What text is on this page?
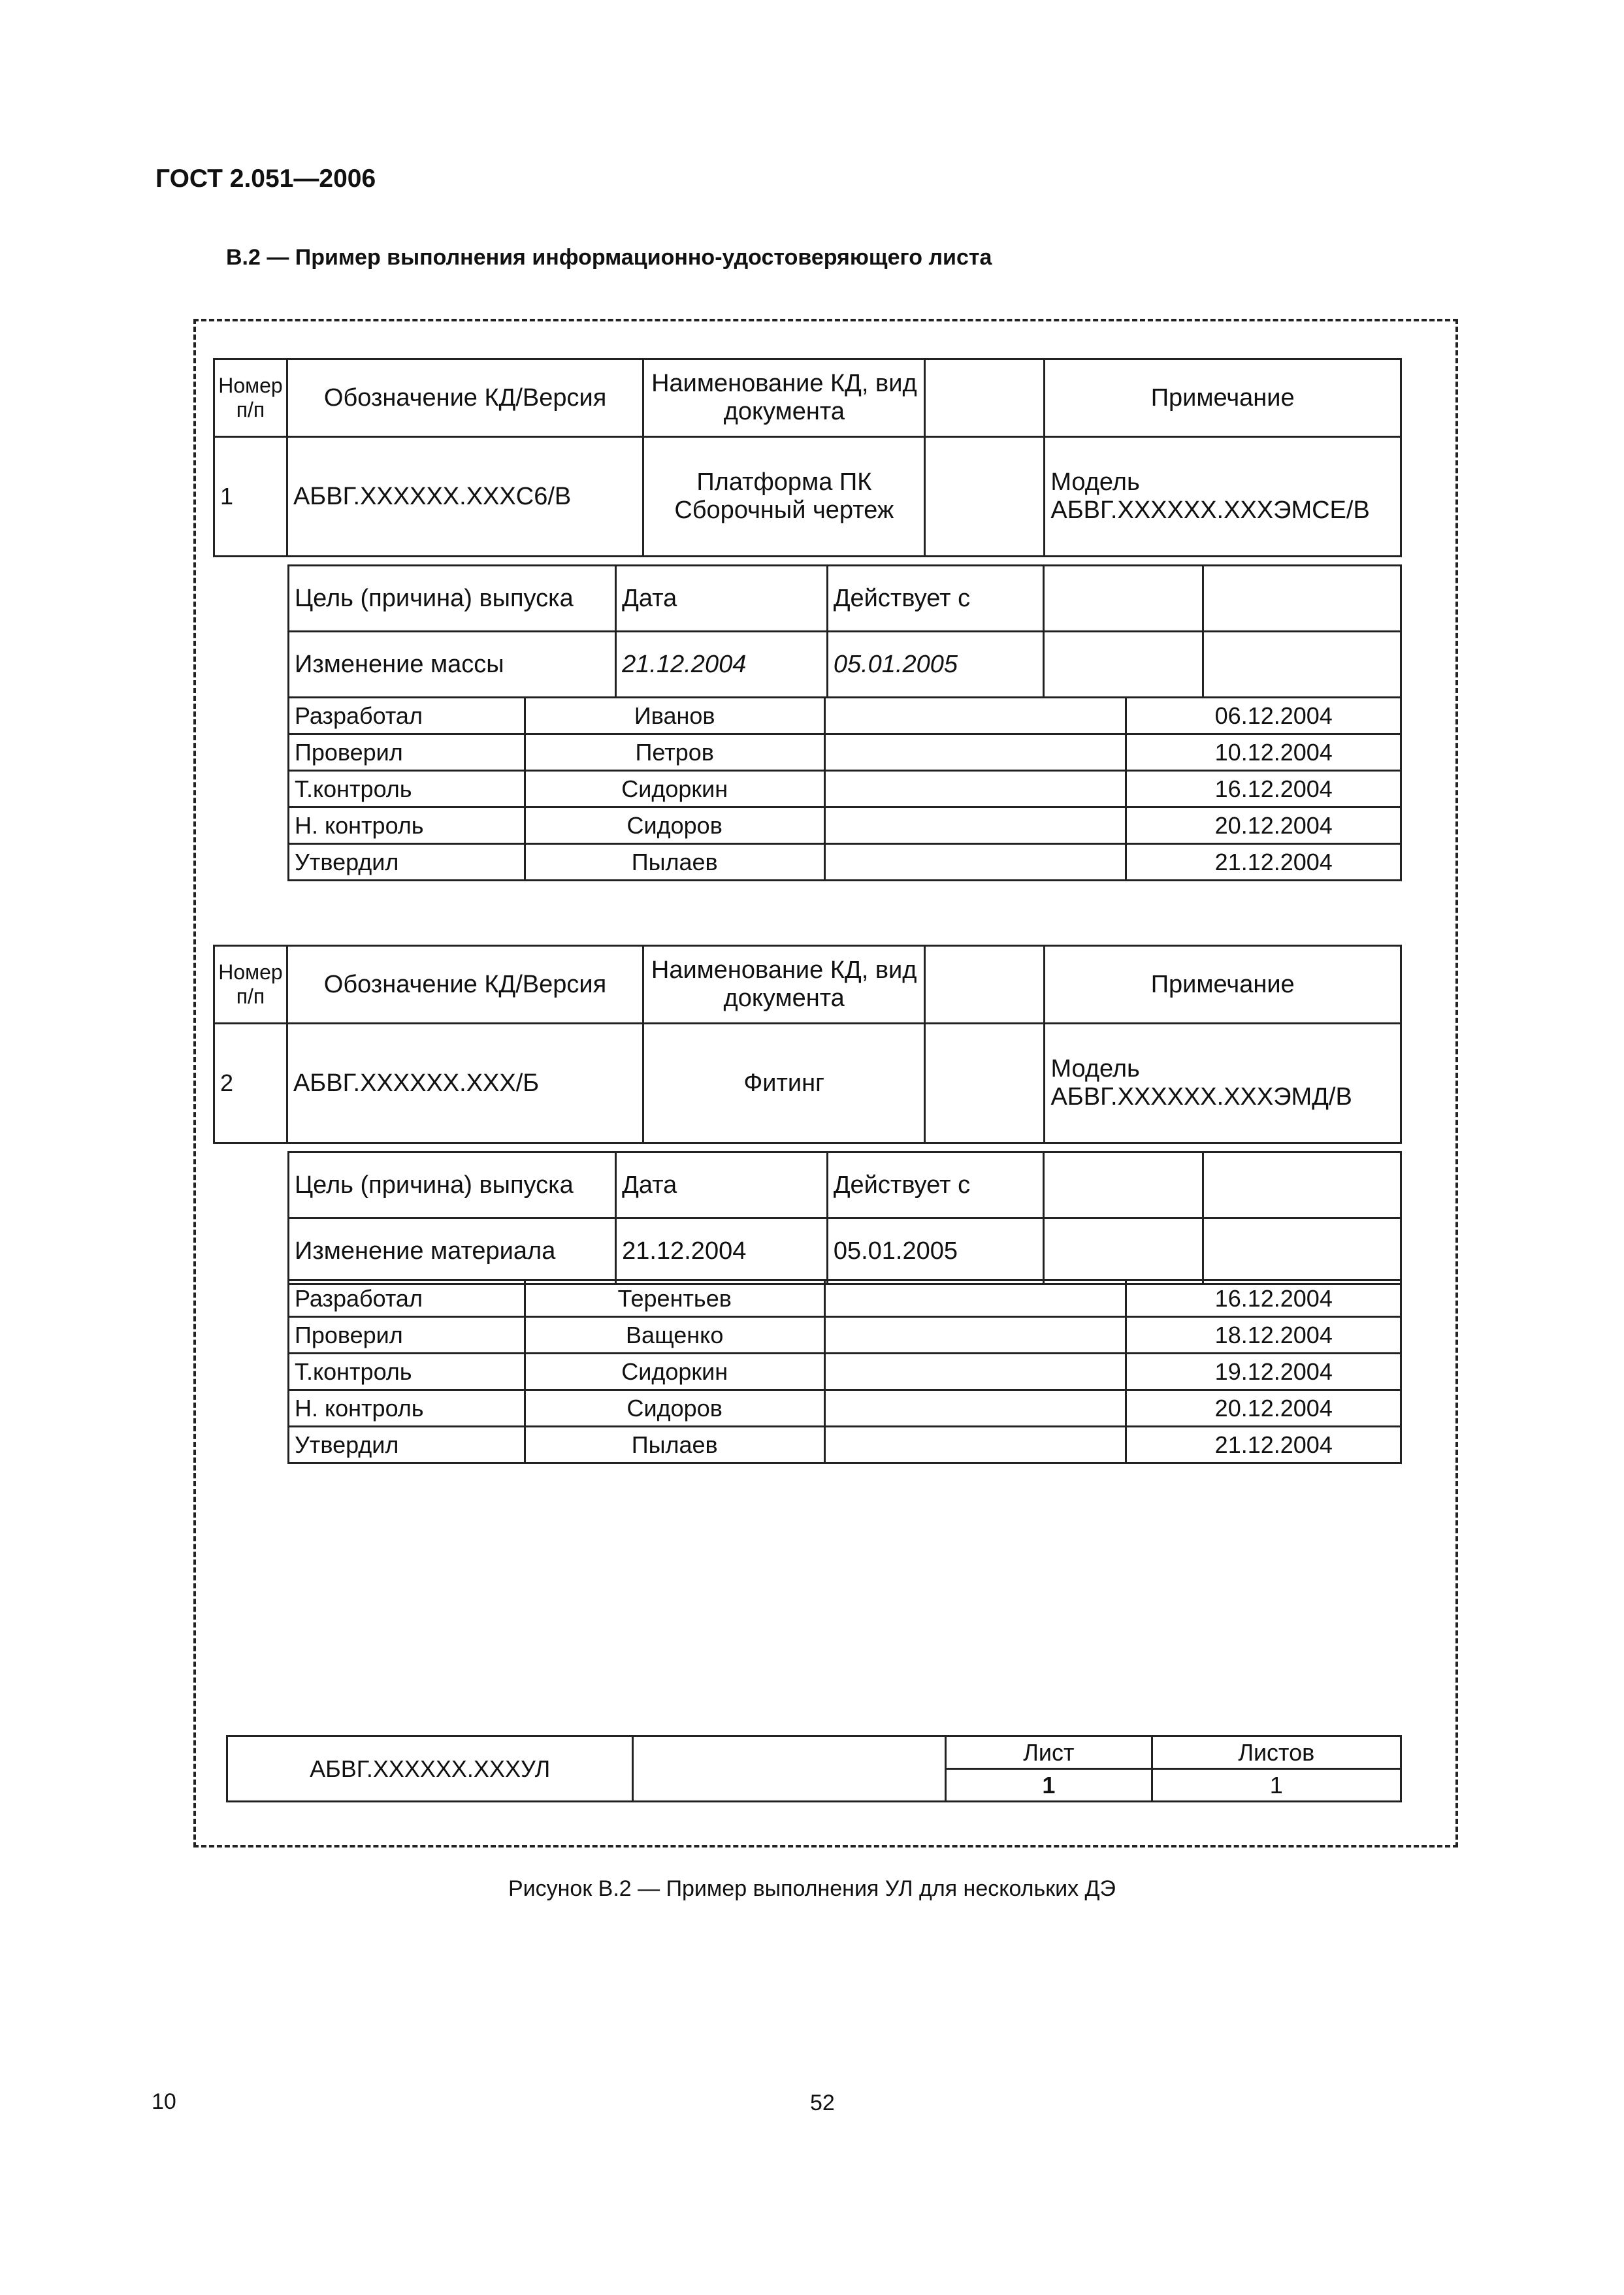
ГОСТ 2.051—2006
В.2 — Пример выполнения информационно-удостоверяющего листа
Номер п/п	Обозначение КД/Версия	Наименование КД, вид документа		Примечание
1	АБВГ.XXXXXX.XXXC6/B	Платформа ПК Сборочный чертеж		Модель АБВГ.XXXXXX.XXXЭМСЕ/В
Цель (причина) выпуска	Дата	Действует с		
Изменение массы	21.12.2004	05.01.2005		
Разработал	Иванов		06.12.2004
Проверил	Петров		10.12.2004
Т.контроль	Сидоркин		16.12.2004
Н. контроль	Сидоров		20.12.2004
Утвердил	Пылаев		21.12.2004
Номер п/п	Обозначение КД/Версия	Наименование КД, вид документа		Примечание
2	АБВГ.XXXXXX.XXX/Б	Фитинг		Модель АБВГ.XXXXXX.XXXЭМД/В
Цель (причина) выпуска	Дата	Действует с		
Изменение материала	21.12.2004	05.01.2005		
Разработал	Терентьев		16.12.2004
Проверил	Ващенко		18.12.2004
Т.контроль	Сидоркин		19.12.2004
Н. контроль	Сидоров		20.12.2004
Утвердил	Пылаев		21.12.2004
АБВГ.XXXXXX.XXXУЛ		Лист	Листов
		1	1
Рисунок В.2 — Пример выполнения УЛ для нескольких ДЭ
10	52
